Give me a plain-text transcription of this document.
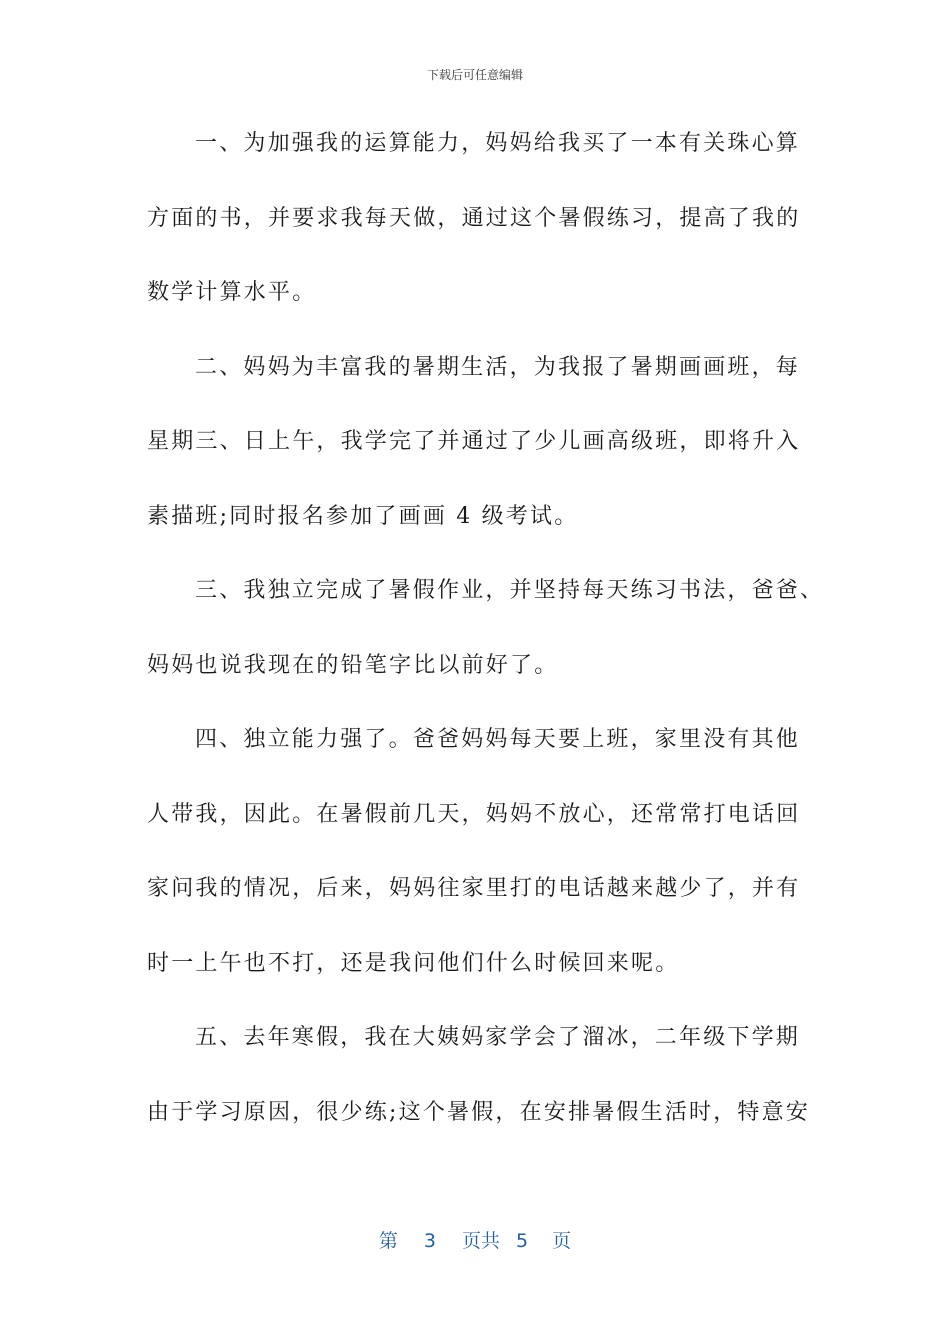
下载后可任意编辑
一、为加强我的运算能力，妈妈给我买了一本有关珠心算
方面的书，并要求我每天做，通过这个暑假练习，提高了我的
数学计算水平。
二、妈妈为丰富我的暑期生活，为我报了暑期画画班，每
星期三、日上午，我学完了并通过了少儿画高级班，即将升入
素描班;同时报名参加了画画 4 级考试。
三、我独立完成了暑假作业，并坚持每天练习书法，爸爸、
妈妈也说我现在的铅笔字比以前好了。
四、独立能力强了。爸爸妈妈每天要上班，家里没有其他
人带我，因此。在暑假前几天，妈妈不放心，还常常打电话回
家问我的情况，后来，妈妈往家里打的电话越来越少了，并有
时一上午也不打，还是我问他们什么时候回来呢。
五、去年寒假，我在大姨妈家学会了溜冰，二年级下学期
由于学习原因，很少练;这个暑假，在安排暑假生活时，特意安
第 3 页共 5 页
